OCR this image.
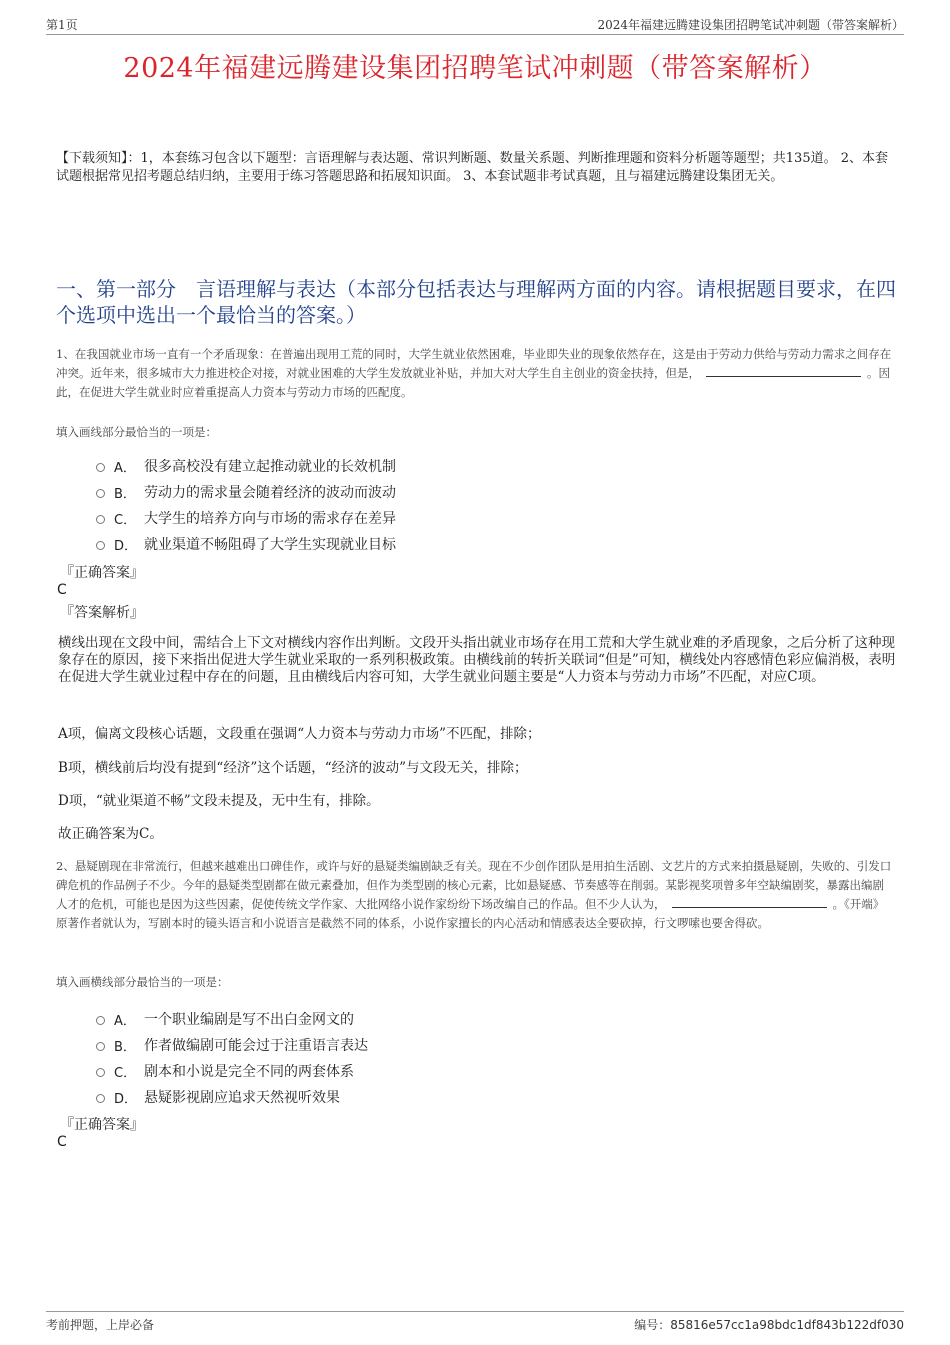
第1页	2024年福建远腾建设集团招聘笔试冲刺题（带答案解析）
2024年福建远腾建设集团招聘笔试冲刺题（带答案解析）
【下载须知】：1，本套练习包含以下题型：言语理解与表达题、常识判断题、数量关系题、判断推理题和资料分析题等题型；共135道。 2、本套试题根据常见招考题总结归纳，主要用于练习答题思路和拓展知识面。 3、本套试题非考试真题，且与福建远腾建设集团无关。
一、第一部分　言语理解与表达（本部分包括表达与理解两方面的内容。请根据题目要求，在四个选项中选出一个最恰当的答案。）
1、在我国就业市场一直有一个矛盾现象：在普遍出现用工荒的同时，大学生就业依然困难，毕业即失业的现象依然存在，这是由于劳动力供给与劳动力需求之间存在冲突。近年来，很多城市大力推进校企对接，对就业困难的大学生发放就业补贴，并加大对大学生自主创业的资金扶持，但是，	。因此，在促进大学生就业时应着重提高人力资本与劳动力市场的匹配度。
填入画线部分最恰当的一项是：
A． 很多高校没有建立起推动就业的长效机制
B． 劳动力的需求量会随着经济的波动而波动
C． 大学生的培养方向与市场的需求存在差异
D． 就业渠道不畅阻碍了大学生实现就业目标
『正确答案』
C
『答案解析』
横线出现在文段中间，需结合上下文对横线内容作出判断。文段开头指出就业市场存在用工荒和大学生就业难的矛盾现象，之后分析了这种现象存在的原因，接下来指出促进大学生就业采取的一系列积极政策。由横线前的转折关联词“但是”可知，横线处内容感情色彩应偏消极，表明在促进大学生就业过程中存在的问题，且由横线后内容可知，大学生就业问题主要是“人力资本与劳动力市场”不匹配，对应C项。
A项，偏离文段核心话题，文段重在强调“人力资本与劳动力市场”不匹配，排除；
B项，横线前后均没有提到“经济”这个话题，“经济的波动”与文段无关，排除；
D项，“就业渠道不畅”文段未提及，无中生有，排除。
故正确答案为C。
2、悬疑剧现在非常流行，但越来越难出口碑佳作，或许与好的悬疑类编剧缺乏有关。现在不少创作团队是用拍生活剧、文艺片的方式来拍摄悬疑剧，失败的、引发口碑危机的作品例子不少。今年的悬疑类型剧都在做元素叠加，但作为类型剧的核心元素，比如悬疑感、节奏感等在削弱。某影视奖项曾多年空缺编剧奖，暴露出编剧人才的危机，可能也是因为这些因素，促使传统文学作家、大批网络小说作家纷纷下场改编自己的作品。但不少人认为，	。《开端》原著作者就认为，写剧本时的镜头语言和小说语言是截然不同的体系，小说作家擅长的内心活动和情感表达全要砍掉，行文啰嗦也要舍得砍。
填入画横线部分最恰当的一项是：
A． 一个职业编剧是写不出白金网文的
B． 作者做编剧可能会过于注重语言表达
C． 剧本和小说是完全不同的两套体系
D． 悬疑影视剧应追求天然视听效果
『正确答案』
C
考前押题，上岸必备	编号：85816e57cc1a98bdc1df843b122df030
